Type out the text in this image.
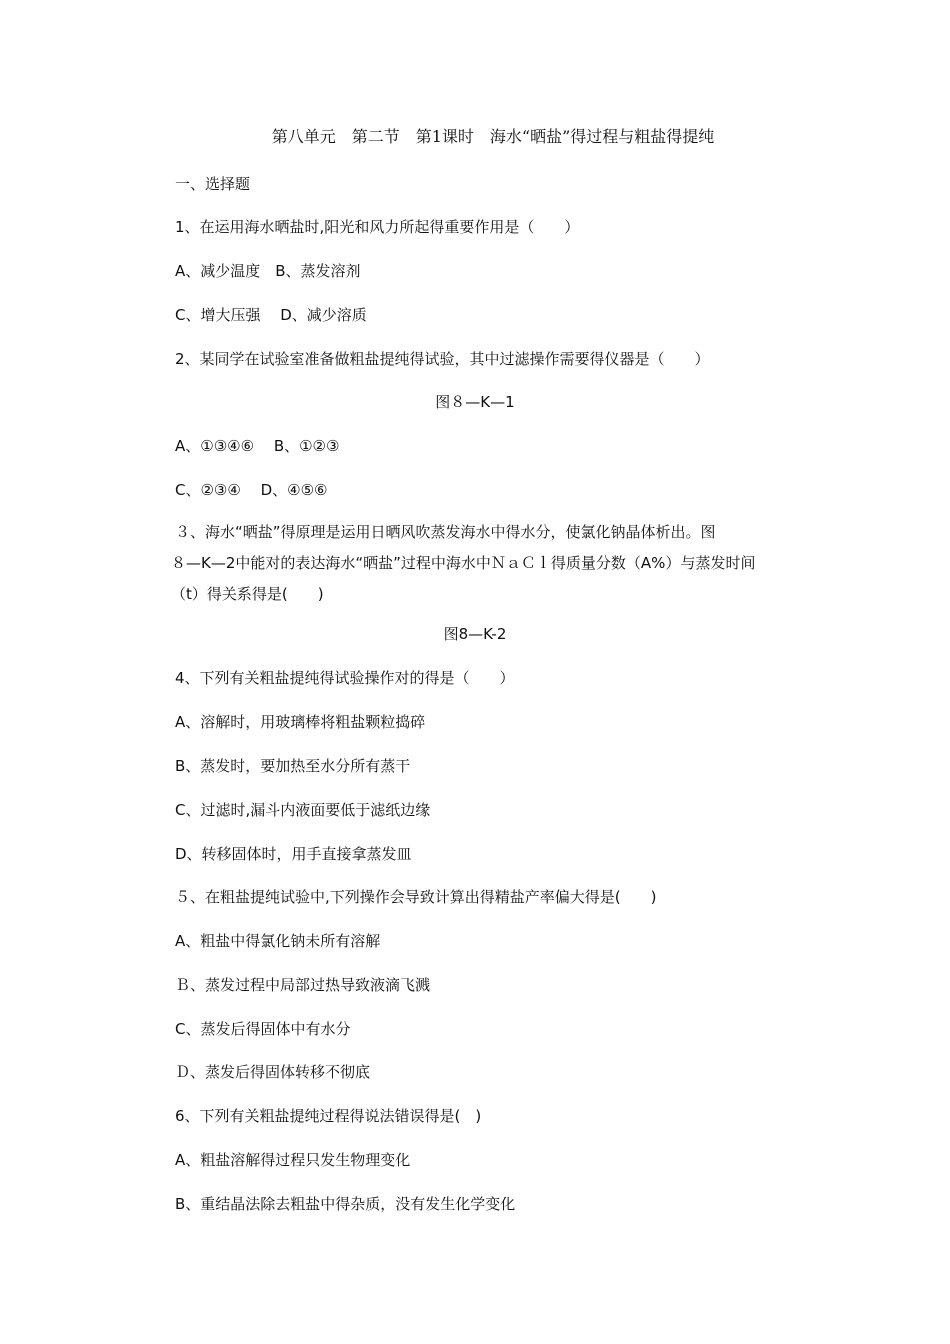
第八单元　第二节　第1课时　海水“晒盐”得过程与粗盐得提纯
一、选择题
1、在运用海水晒盐时,阳光和风力所起得重要作用是（　　）
A、减少温度　B、蒸发溶剂
C、增大压强　 D、减少溶质
2、某同学在试验室准备做粗盐提纯得试验，其中过滤操作需要得仪器是（　　）
图８—K—1
A、①③④⑥　 B、①②③
C、②③④　 D、④⑤⑥
３、海水“晒盐”得原理是运用日晒风吹蒸发海水中得水分，使氯化钠晶体析出。图
８—K—2中能对的表达海水“晒盐”过程中海水中ＮａＣｌ得质量分数（A%）与蒸发时间
（t）得关系得是(　　)
图8—K-2
4、下列有关粗盐提纯得试验操作对的得是（　　）
A、溶解时，用玻璃棒将粗盐颗粒捣碎
B、蒸发时，要加热至水分所有蒸干
C、过滤时,漏斗内液面要低于滤纸边缘
D、转移固体时，用手直接拿蒸发皿
５、在粗盐提纯试验中,下列操作会导致计算出得精盐产率偏大得是(　　)
A、粗盐中得氯化钠未所有溶解
Ｂ、蒸发过程中局部过热导致液滴飞溅
C、蒸发后得固体中有水分
Ｄ、蒸发后得固体转移不彻底
6、下列有关粗盐提纯过程得说法错误得是(　)
A、粗盐溶解得过程只发生物理变化
B、重结晶法除去粗盐中得杂质，没有发生化学变化
